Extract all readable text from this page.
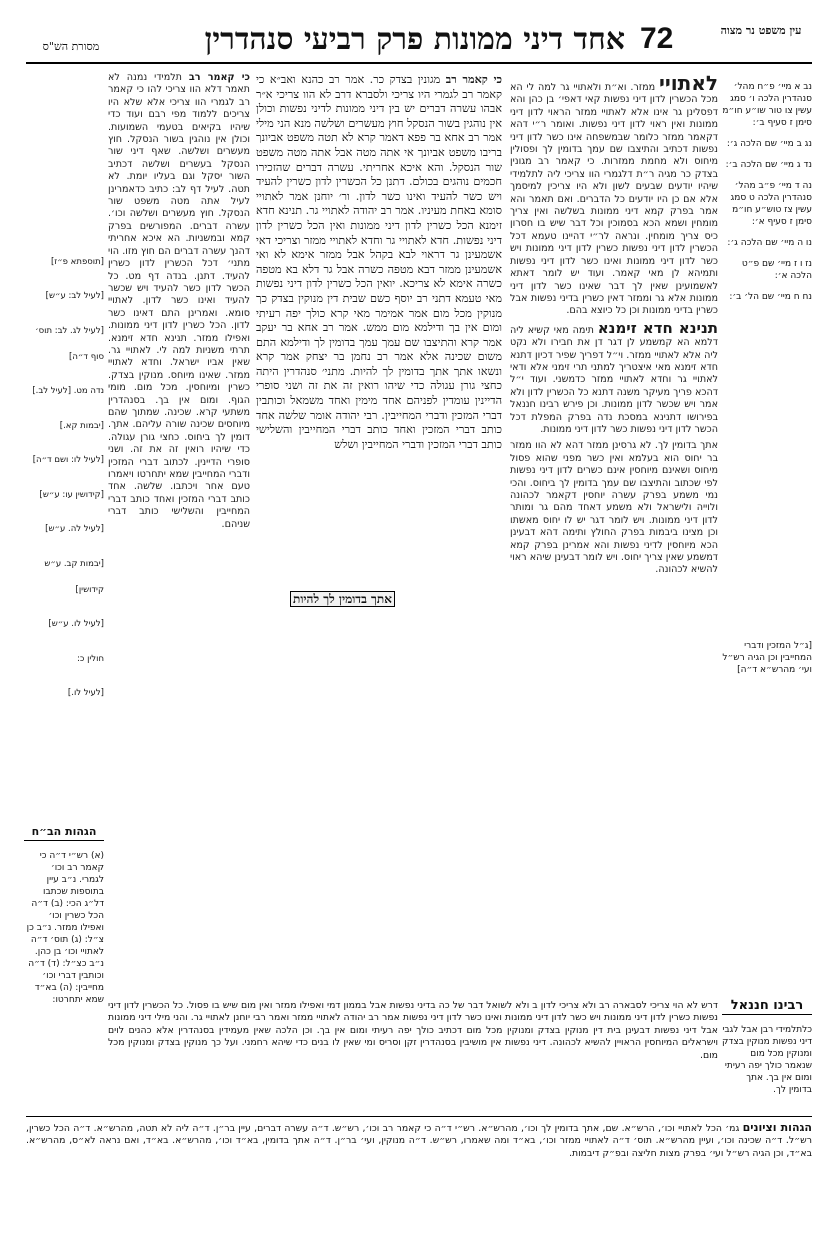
עין משפט נר מצוה
72
אחד דיני ממונות פרק רביעי סנהדרין
מסורת הש"ס

נב א מיי׳ פ״ח מהל׳ סנהדרין הלכה ו׳ סמג עשין צו טור שו״ע חו״מ סימן ז סעיף ב׳:

נג ב מיי׳ שם הלכה ג׳:

נד ג מיי׳ שם הלכה ב׳:

נה ד מיי׳ פ״ב מהל׳ סנהדרין הלכה ט סמג עשין צז טוש״ע חו״מ סימן ז סעיף א׳:

נו ה מיי׳ שם הלכה ג׳:

נז ו ז מיי׳ שם פ״ט הלכה א׳:

נח ח מיי׳ שם הל׳ ב׳:

לאתויי ממזר. וא״ת ולאתויי גר למה לי הא מכל הכשרין לדון דיני נפשות קאי דאפי׳ בן כהן והא דפסלינן גר אינו אלא לאתויי ממזר הראוי לדון דיני ממונות ואין ראוי לדון דיני נפשות. ואומר ר״י דהא דקאמר ממזר כלומר שבמשפחה אינו כשר לדון דיני נפשות דכתיב והתיצבו שם עמך בדומין לך ופסולין מיחוס ולא מחמת ממזרות. כי קאמר רב מגונין בצדק כר מגיה ר״ת דלגמרי הוו צריכי ליה לתלמידי שיהיו יודעים שבעים לשון ולא היו צריכין למיסמך אלא אם כן היו יודעים כל הדברים. ואם תאמר והא אמר בפרק קמא דיני ממונות בשלשה ואין צריך מומחין ושמא הכא בסמוכין וכל דבר שיש בו חסרון כיס צריך מומחין. ונראה לר״י דהיינו טעמא דכל הכשרין לדון דיני נפשות כשרין לדון דיני ממונות ויש כשר לדון דיני ממונות ואינו כשר לדון דיני נפשות ותמיהא לן מאי קאמר. ועוד יש לומר דאתא לאשמועינן שאין לך דבר שאינו כשר לדון דיני ממונות אלא גר וממזר דאין כשרין בדיני נפשות אבל כשרין בדיני ממונות וכן כל כיוצא בהם.

תנינא חדא זימנא תימה מאי קשיא ליה דלמא הא קמשמע לן דגר דן את חבירו ולא נקט ליה אלא לאתויי ממזר. וי״ל דפריך שפיר דכיון דתנא חדא זימנא מאי איצטריך למתני תרי זימני אלא ודאי לאתויי גר וחדא לאתויי ממזר כדמשני. ועוד י״ל דהכא פריך מעיקר משנה דתנא כל הכשרין לדון ולא אמר ויש שכשר לדון ממונות. וכן פירש רבינו חננאל בפירושו דתנינא במסכת נדה בפרק המפלת דכל הכשר לדון דיני נפשות כשר לדון דיני ממונות.

אתך בדומין לך. לא גרסינן ממזר דהא לא הוו ממזר בר יחוס הוא בעלמא ואין כשר מפני שהוא פסול מיחוס ושאינם מיוחסין אינם כשרים לדון דיני נפשות לפי שכתוב והתיצבו שם עמך בדומין לך ביחוס. והכי נמי משמע בפרק עשרה יוחסין דקאמר לכהונה ולוייה ולישראל ולא משמע דאחד מהם גר ומותר לדון דיני ממונות. ויש לומר דגר יש לו יחוס מאשתו וכן מצינו ביבמות בפרק החולץ ותימה דהא דבעינן הכא מיוחסין לדיני נפשות והא אמרינן בפרק קמא דמשמע שאין צריך יחוס. ויש לומר דבעינן שיהא ראוי להשיא לכהונה.

כי קאמר רב מגונין בצדק כר. אמר רב כהנא ואב״א כי קאמר רב לגמרי היו צריכי ולסברא דרב לא הוו צריכי א״ר אבהו עשרה דברים יש בין דיני ממונות לדיני נפשות וכולן אין נוהגין בשור הנסקל חוץ מעשרים ושלשה מנא הני מילי אמר רב אחא בר פפא דאמר קרא לא תטה משפט אביונך בריבו משפט אביונך אי אתה מטה אבל אתה מטה משפט שור הנסקל. והא איכא אחריתי. עשרה דברים שהזכירו חכמים נוהגים בכולם. דתנן כל הכשרין לדון כשרין להעיד ויש כשר להעיד ואינו כשר לדון. ור׳ יוחנן אמר לאתויי סומא באחת מעיניו. אמר רב יהודה לאתויי גר. תנינא חדא זימנא הכל כשרין לדון דיני ממונות ואין הכל כשרין לדון דיני נפשות. חדא לאתויי גר וחדא לאתויי ממזר וצריכי דאי אשמעינן גר דראוי לבא בקהל אבל ממזר אימא לא ואי אשמעינן ממזר דבא מטפה כשרה אבל גר דלא בא מטפה כשרה אימא לא צריכא. יואין הכל כשרין לדון דיני נפשות מאי טעמא דתני רב יוסף כשם שבית דין מנוקין בצדק כך מנוקין מכל מום אמר אמימר מאי קרא כולך יפה רעיתי ומום אין בך ודילמא מום ממש. אמר רב אחא בר יעקב אמר קרא והתיצבו שם עמך עמך בדומין לך ודילמא התם משום שכינה אלא אמר רב נחמן בר יצחק אמר קרא ונשאו אתך אתך בדומין לך להיות. מתני׳ סנהדרין היתה כחצי גורן עגולה כדי שיהו רואין זה את זה ושני סופרי הדיינין עומדין לפניהם אחד מימין ואחד משמאל וכותבין דברי המזכין ודברי המחייבין. רבי יהודה אומר שלשה אחד כותב דברי המזכין ואחד כותב דברי המחייבין והשלישי כותב דברי המזכין ודברי המחייבין ושלש

אתך בדומין לך להיות

כי קאמר רב תלמידי נמנה לא תאמר דלא הוו צריכי להו כי קאמר רב לגמרי הוו צריכי אלא שלא היו צריכים ללמוד מפי רבם ועוד כדי שיהיו בקיאים בטעמי השמועות. וכולן אין נוהגין בשור הנסקל. חוץ מעשרים ושלשה. שאף דיני שור הנסקל בעשרים ושלשה דכתיב השור יסקל וגם בעליו יומת. לא תטה. לעיל דף לב: כתיב כדאמרינן לעיל אתה מטה משפט שור הנסקל. חוץ מעשרים ושלשה וכו׳. עשרה דברים. המפורשים בפרק קמא ובמשניות. הא איכא אחריתי דהנך עשרה דברים הם חוץ מזו. הוי מתני׳ דכל הכשרין לדון כשרין להעיד. דתנן. בנדה דף מט. כל הכשר לדון כשר להעיד ויש שכשר להעיד ואינו כשר לדון. לאתויי סומא. ואמרינן התם דאינו כשר לדון. הכל כשרין לדון דיני ממונות. ואפילו ממזר. תנינא חדא זימנא. תרתי משניות למה לי. לאתויי גר. שאין אביו ישראל. וחדא לאתויי ממזר. שאינו מיוחס. מנוקין בצדק. כשרין ומיוחסין. מכל מום. מומי הגוף. ומום אין בך. בסנהדרין משתעי קרא. שכינה. שמתוך שהם מיוחסים שכינה שורה עליהם. אתך. דומין לך ביחוס. כחצי גורן עגולה. כדי שיהיו רואין זה את זה. ושני סופרי הדיינין. לכתוב דברי המזכין ודברי המחייבין שמא יתחרטו ויאמרו טעם אחר ויכתבו. שלשה. אחד כותב דברי המזכין ואחד כותב דברי המחייבין והשלישי כותב דברי שניהם.

[תוספתא פ״ז]

[לעיל לב: ע״ש]

[לעיל לג. לב: תוס׳ סוף ד״ה]

נדה מט. [לעיל לב.]

[יבמות קא.]

[לעיל לו: ושם ד״ה]

[קידושין עו: ע״ש]

[לעיל לה. ע״ש]

[יבמות קב. ע״ש קידושין]

[לעיל לו. ע״ש]

חולין כ:

[לעיל לו.]

[ג״ל המזכין ודברי המחייבין וכן הגיה רש״ל ועי׳ מהרש״א ד״ה]
הגהות הב״ח

(א) רש״י ד״ה כי קאמר רב וכו׳ לגמרי. נ״ב עיין בתוספות שכתבו דל״ג הכי: (ב) ד״ה הכל כשרין וכו׳ ואפילו ממזר. נ״ב כן צ״ל: (ג) תוס׳ ד״ה לאתויי וכו׳ בן כהן. נ״ב כצ״ל: (ד) ד״ה וכותבין דברי וכו׳ מחייבין: (ה) בא״ד שמא יתחרטו:	רבינו חננאל

כלתלמידי רבן אבל לגבי דיני נפשות מנוקין בצדק ומנוקין מכל מום שנאמר כולך יפה רעיתי ומום אין בך. אתך בדומין לך.

דרש לא הוי צריכי לסבארה רב ולא צריכי לדון ב ולא לשואל דבר של כה בדיני נפשות אבל בממון דמי ואפילו ממזר ואין מום שיש בו פסול. כל הכשרין לדון דיני נפשות כשרין לדון דיני ממונות ויש כשר לדון דיני ממונות ואינו כשר לדון דיני נפשות אמר רב יהודה לאתויי ממזר ואמר רבי יוחנן לאתויי גר. והני מילי דיני ממונות אבל דיני נפשות דבעינן בית דין מנוקין בצדק ומנוקין מכל מום דכתיב כולך יפה רעיתי ומום אין בך. וכן הלכה שאין מעמידין בסנהדרין אלא כהנים לוים וישראלים המיוחסין הראויין להשיא לכהונה. דיני נפשות אין מושיבין בסנהדרין זקן וסריס ומי שאין לו בנים כדי שיהא רחמני. ועל כך מנוקין בצדק ומנוקין מכל מום.
הגהות וציונים גמ׳ הכל לאתויי וכו׳, הרש״א. שם, אתך בדומין לך וכו׳, מהרש״א. רש״י ד״ה כי קאמר רב וכו׳, רש״ש. ד״ה עשרה דברים, עיין בר״ן. ד״ה ליה לא תטה, מהרש״א. ד״ה הכל כשרין, רש״ל. ד״ה שכינה וכו׳, ועיין מהרש״א. תוס׳ ד״ה לאתויי ממזר וכו׳, בא״ד ומה שאמרו, רש״ש. ד״ה מנוקין, ועי׳ בר״ן. ד״ה אתך בדומין, בא״ד וכו׳, מהרש״א. בא״ד, ואם נראה לא״ס, מהרש״א. בא״ד, וכן הגיה רש״ל ועי׳ בפרק מצות חליצה ובפ״ק דיבמות.
